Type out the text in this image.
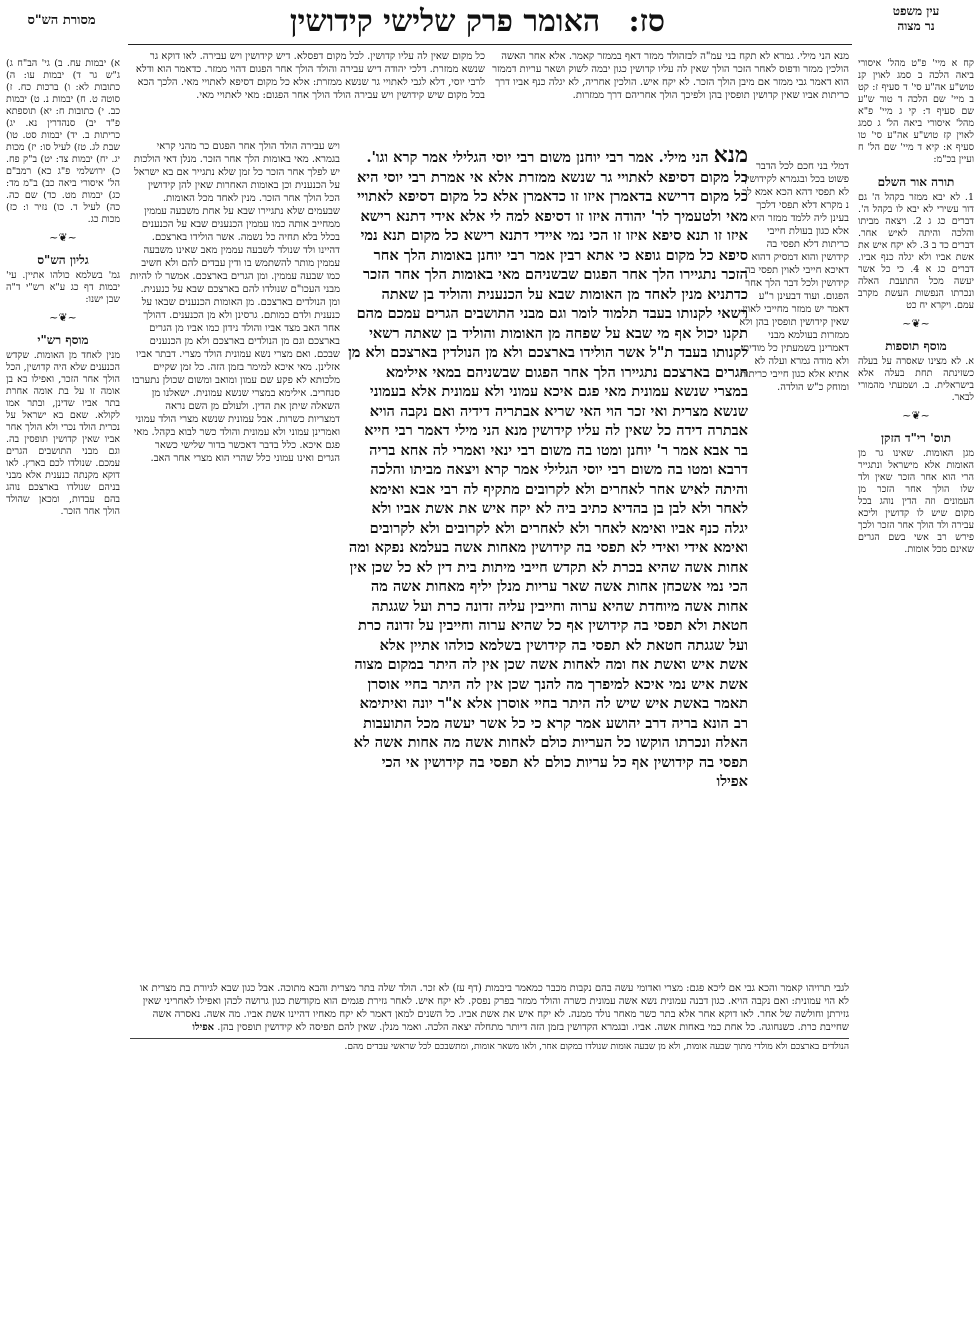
עין משפט
נר מצוה
סז:
האומר פרק שלישי קידושין
מסורת הש"ס
קח א מיי' פ"ט מהל' איסורי ביאה הלכה ב סמג לאוין קנ טוש"ע אה"ע סי' ד סעיף ז: קט ב מיי' שם הלכה ד טור ש"ע שם סעיף ד: קי ג מיי' פ"א מהל' איסורי ביאה הל' ג סמג לאוין קז טוש"ע אה"ע סי' טו סעיף א: קיא ד מיי' שם הל' ח ועיין בכ"מ:
תורה אור השלם
1. לא יבא ממזר בקהל ה' גם דור עשירי לא יבא לו בקהל ה'. דברים כג ג 2. ויצאה מביתו והלכה והיתה לאיש אחר. דברים כד ב 3. לא יקח איש את אשת אביו ולא יגלה כנף אביו. דברים כג א 4. כי כל אשר יעשה מכל התועבת האלה ונכרתו הנפשות העשת מקרב עמם. ויקרא יח כט
~❦~
מוסף תוספות
א. לא מצינו שאסרה על בעלה כשזינתה תחת בעלה אלא בישראלית. ב. ושמעתי מהמורי לבאר.
~❦~
תוס' רי"ד הזקן
מגן האומות. שאינו גר מן האומות אלא מישראל ונתגייר הרי הוא אחר הזכר שאין ולד שלו הולך אחר הזכר מן העמונים וזה הדין נוהג בכל מקום שיש לו קדושין וליכא עבירה ולד הולך אחר הזכר ולכך פירש רב אשי בשם הגרים שאינם מכל אומות.
א) יבמות עח. ב) גי' הב"ח ג) ג"ש גר ד) יבמות עו: ה) כתובות לא: ו) ברכות כח. ז) סוטה ט. ח) יבמות נ. ט) יבמות כב. י) כתובות ח: יא) תוספתא פ"ד יב) סנהדרין נא. יג) כריתות ב. יד) יבמות סט. טו) שבת לג. טז) לעיל סו: יז) מכות יג. יח) יבמות צד: יט) ב"ק פח. כ) ירושלמי פ"ג כא) רמב"ם הל' איסורי ביאה כב) ב"מ מד: כג) יבמות מט. כד) שם כה. כה) לעיל ד. כו) נזיר ו: כז) מכות כג.
~❦~
גליון הש"ס
גמ' בשלמא כולהו אתיין. עי' יבמות דף כג ע"א רש"י ד"ה שבן ישנו:
~❦~
מוסף רש"י
מנין לאחד מן האומות. שקדש הכנענים שלא היה קדושין, הכל הולך אחר הזכר, ואפילו בא בן אומה זו על בת אומה אחרת בתר אביו שדינן, ובתר אמו לקולא. שאם בא ישראל על נכרית הולד נכרי ולא הולך אחר אביו שאין קדושין תופסין בה. וגם מבני התושבים הגרים עמכם. שנולדו לכם בארץ. לאו דוקא מקנתה כנענית אלא מבני בניהם שנולדו בארצכם נוהג בהם עבדות, ומכאן שהולד הולך אחר הזכר.
מנא הני מילי. גמרא לא תקח בני עמ"ה לבזהולד ממזר דאף בממזר קאמר. אלא אחר האשה הולכין ממזר ודפוס לאחר הזכר הולך שאין לה עליו קדושין כגון יבמה לשוק ושאר עריות דממזר הוא דאמר גבי ממזר אם מיבן הולך הזכר. לא יקח איש. הולכין אחריה, לא יגלה כנף אביו דרך כריתות אביו שאין קדושין תופסין בהן ולפיכך הולך אחריהם דרך ממזרות.
דמלי בני חכם לכל הדבר פשוט בכל ובגמרא לקידושין לא תפסי דהא הכא אמא לכ נ מקרא דלא תפסי דלכך בעינן ליה ללמד ממזר היא אלא כגון בעולת חייבי כריתות דלא תפסי בה קידושין והוא דמסיק דהוא דאיכא חייבי לאוין תפסי בה קידושין ולכל דבר הלך אחר הפגום. ועוד דבעינן ר"ע דאמר יש ממזר מחייבי לאוין שאין קידושין תופסין בהן ולא ממזרות בעולמא מבני דאמרינן בשמעתין כל מודים ולא מודה גמרא ועלה לא אתיא אלא כגון חייבי כריתות ומוחק כ"ש הולדה.
כל מקום שאין לה עליו קדושין. לכל מקום דפסלא. דיש קידושין ויש עבירה. לאו דוקא גר שנשא ממזרת. דלכי יהודה דיש עבירה והולד הולך אחר הפגום דהוי ממזר. כדאמר הוא ודלא לרבי יוסי, דלא לגבי לאתויי גר שנשא ממזרת: אלא כל מקום דסיפא לאתויי מאי. הלכך הכא בכל מקום שיש קידושין ויש עבירה הולד הולך אחר הפגום: מאי לאתויי מאי.
ויש עבירה הולד הולך אחר הפגום כר מהני קראי בגמרא. מאי באומות הלך אחר הזכר. מנלן דאי הולכות יש לפלך אחר הזכר כל זמן שלא נתגייר אם בא ישראל על הכנענית וכן באומות האחרות שאין להן קידושין הכל הולך אחר הזכר. מנין לאחד מכל האומות. שבעמים שלא נתגיירו שבא על אחת משבעה עממין ממחייב אותה כמו עממין הכנענים שבא על הכנענים בכלל בלא תחיה כל נשמה. אשר הולידו בארצכם. דהיינו ולד שנולד לשבעה עממין מאב שאינו משבעה עממין מותר להשתמש בו ודין עבדים להם ולא חשיב כמו שבעה עממין. ומן הגרים בארצכם. אמשר לו להיות מבני העכו"ם שנולדו להם בארצכם שבא על כנענית. ומן הנולדים בארצכם. מן האומות הכנענים שבאו על כנענית ולדם כמותם. גרסינן ולא מן הכנענים. דהולך אחר האב מצד אביו והולד נידון כמו אביו מן הגרים בארצכם וגם מן הנולדים בארצכם ולא מן הכנענים שבכם. ואם מצרי נשא עמונית הולד מצרי. דבתר אביו אזלינן. מאי איכא למימר בזמן הזה. כל זמן שקיים מלכותא לא פקע שם עמון ומואב ומשום שכולן נתערבו סנחריב. אילימא במצרי שנשא עמונית. ישאלנו מן השאלה שיתן את הדין. ולעולם מן השם נראה דמצריות כשרות. אבל עמונית שנשא מצרי הולד עמוני ואמרינן עמוני ולא עמונית והולד כשר לבוא בקהל. מאי פגם איכא. כלל בדבר דאכשר בדור שלישי כשאר הגרים ואינו עמוני כלל שהרי הוא מצרי אחר האב.
מנא הני מילי. אמר רבי יוחנן משום רבי יוסי הגלילי אמר קרא וגו'. כל מקום דסיפא לאתויי גר שנשא ממזרת אלא אי אמרת רבי יוסי היא כל מקום דרישא בדאמרן איזו זו כדאמרן אלא כל מקום דסיפא לאתויי מאי ולטעמיך לר' יהודה איזו זו דסיפא למה לי אלא אידי דתנא רישא איזו זו תנא סיפא איזו זו הכי נמי איידי דתנא רישא כל מקום תנא נמי סיפא כל מקום גופא כי אתא רבין אמר רבי יוחנן באומות הלך אחר הזכר נתגיירו הלך אחר הפגום שבשניהם מאי באומות הלך אחר הזכר כדתניא מנין לאחד מן האומות שבא על הכנענית והוליד בן שאתה רשאי לקנותו בעבד תלמוד לומר וגם מבני התושבים הגרים עמכם מהם תקנו יכול אף מי שבא על שפחה מן האומות והוליד בן שאתה רשאי לקנותו בעבד ת"ל אשר הולידו בארצכם ולא מן הנולדין בארצכם ולא מן הגרים בארצכם נתגיירו הלך אחר הפגום שבשניהם במאי אילימא במצרי שנשא עמונית מאי פגם איכא עמוני ולא עמונית אלא בעמוני שנשא מצרית ואי זכר הוי האי שריא אבתריה דידיה ואם נקבה הויא אבתרה דידה כל שאין לה עליו קידושין מנא הני מילי דאמר רבי חייא בר אבא אמר ר' יוחנן ומטו בה משום רבי ינאי ואמרי לה אחא בריה דרבא ומטו בה משום רבי יוסי הגלילי אמר קרא ויצאה מביתו והלכה והיתה לאיש אחר לאחרים ולא לקרובים מתקיף לה רבי אבא ואימא לאחר ולא לבן בן בהדיא כתיב ביה לא יקח איש את אשת אביו ולא יגלה כנף אביו ואימא לאחר ולא לאחרים ולא לקרובים ולא לקרובים ואימא אידי ואידי לא תפסי בה קידושין מאחות אשה בעלמא נפקא ומה אחות אשה שהיא בכרת לא תקדש חייבי מיתות בית דין לא כל שכן אין הכי נמי אשכחן אחות אשה שאר עריות מנלן יליף מאחות אשה מה אחות אשה מיוחדת שהיא ערוה וחייבין עליה זדונה כרת ועל שגגתה חטאת ולא תפסי בה קידושין אף כל שהיא ערוה וחייבין על זדונה כרת ועל שגגתה חטאת לא תפסי בה קידושין בשלמא כולהו אתיין אלא אשת איש ואשת אח ומה לאחות אשה שכן אין לה היתר במקום מצוה אשת איש נמי איכא למיפרך מה להנך שכן אין לה היתר בחיי אוסרן תאמר באשת איש שיש לה היתר בחיי אוסרן אלא א"ר יונה ואיתימא רב הונא בריה דרב יהושע אמר קרא כי כל אשר יעשה מכל התועבות האלה ונכרתו הוקשו כל העריות כולם לאחות אשה מה אחות אשה לא תפסי בה קידושין אף כל עריות כולם לא תפסי בה קידושין אי הכי אפילו
לגבי תרויהו קאמר והכא גבי אם ליכא פגם: מצרי ואדומי עשה בהם נקבות מכבר כמאמר ביבמות (דף עז) לא זכר. הולד שלה בתר מצרית והבא מתוכה. אבל כגון שבא לגיורת בת מצרית או לא הוי עמונית: ואם נקבה הויא. כגון דבנה עמונית נשא אשה עמונית כשרה והולד ממזר בפרק נפסק. לא יקח איש. לאחר גזירת פגמים הוא מקודשת כגון גרושה לכהן ואפילו לאחריני שאין גזירתן וחולשה של אחר. לאו דוקא אחר אלא בתר כשר מאחר נולד ממנה. לא יקח איש את אשת אביו. כל השנים למאן דאמר לא יקח מאחיו דהיינו אשת אביו. מה אשה. נאסרה אשה שחייבת כרת. כשנחוגה. כל אחת כמי באחות אשה. אביו. ובגמרא הקדושין בזמן הזה דיותר מתחלה יצאה הלכה. ואמר מנלן. שאין להם תפיסה לא קידושין תופסין בהן. אפילו
הנולדים בארצכם ולא מולדי מתוך שבעה אומות, ולא מן שבעה אומות שנולדו במקום אחר, ולאו משאר אומות, ומתשבכם לכל שראשי עבדים מהם.
